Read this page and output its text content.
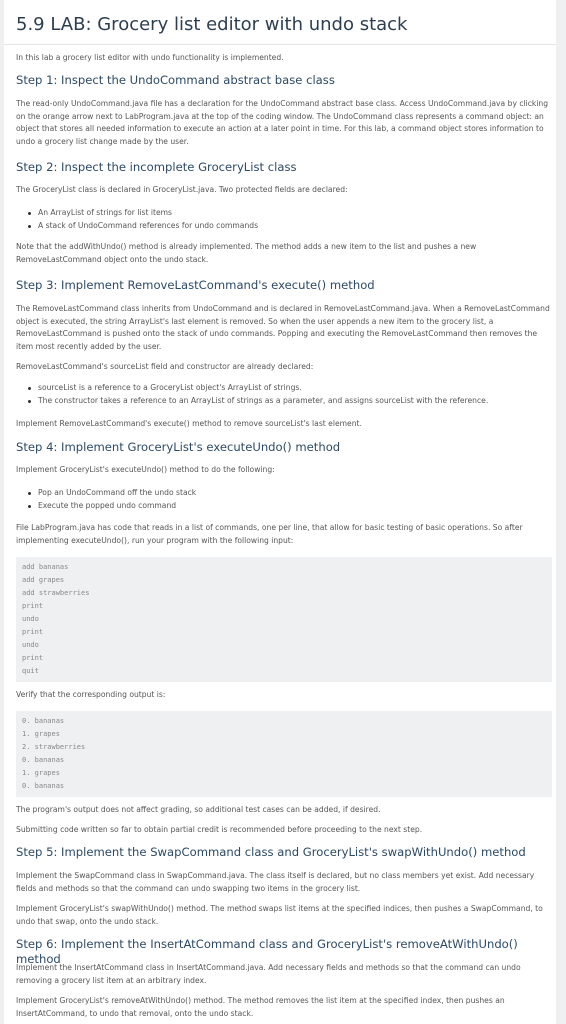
5.9 LAB: Grocery list editor with undo stack

In this lab a grocery list editor with undo functionality is implemented.

Step 1: Inspect the UndoCommand abstract base class

The read-only UndoCommand.java file has a declaration for the UndoCommand abstract base class. Access UndoCommand.java by clicking on the orange arrow next to LabProgram.java at the top of the coding window. The UndoCommand class represents a command object: an object that stores all needed information to execute an action at a later point in time. For this lab, a command object stores information to undo a grocery list change made by the user.

Step 2: Inspect the incomplete GroceryList class

The GroceryList class is declared in GroceryList.java. Two protected fields are declared:

An ArrayList of strings for list items
A stack of UndoCommand references for undo commands

Note that the addWithUndo() method is already implemented. The method adds a new item to the list and pushes a new RemoveLastCommand object onto the undo stack.

Step 3: Implement RemoveLastCommand's execute() method

The RemoveLastCommand class inherits from UndoCommand and is declared in RemoveLastCommand.java. When a RemoveLastCommand object is executed, the string ArrayList's last element is removed. So when the user appends a new item to the grocery list, a RemoveLastCommand is pushed onto the stack of undo commands. Popping and executing the RemoveLastCommand then removes the item most recently added by the user.

RemoveLastCommand's sourceList field and constructor are already declared:

sourceList is a reference to a GroceryList object's ArrayList of strings.
The constructor takes a reference to an ArrayList of strings as a parameter, and assigns sourceList with the reference.

Implement RemoveLastCommand's execute() method to remove sourceList's last element.

Step 4: Implement GroceryList's executeUndo() method

Implement GroceryList's executeUndo() method to do the following:

Pop an UndoCommand off the undo stack
Execute the popped undo command

File LabProgram.java has code that reads in a list of commands, one per line, that allow for basic testing of basic operations. So after implementing executeUndo(), run your program with the following input:

add bananas
add grapes
add strawberries
print
undo
print
undo
print
quit

Verify that the corresponding output is:

0. bananas
1. grapes
2. strawberries
0. bananas
1. grapes
0. bananas

The program's output does not affect grading, so additional test cases can be added, if desired.

Submitting code written so far to obtain partial credit is recommended before proceeding to the next step.

Step 5: Implement the SwapCommand class and GroceryList's swapWithUndo() method

Implement the SwapCommand class in SwapCommand.java. The class itself is declared, but no class members yet exist. Add necessary fields and methods so that the command can undo swapping two items in the grocery list.

Implement GroceryList's swapWithUndo() method. The method swaps list items at the specified indices, then pushes a SwapCommand, to undo that swap, onto the undo stack.

Step 6: Implement the InsertAtCommand class and GroceryList's removeAtWithUndo() method

Implement the InsertAtCommand class in InsertAtCommand.java. Add necessary fields and methods so that the command can undo removing a grocery list item at an arbitrary index.

Implement GroceryList's removeAtWithUndo() method. The method removes the list item at the specified index, then pushes an InsertAtCommand, to undo that removal, onto the undo stack.
